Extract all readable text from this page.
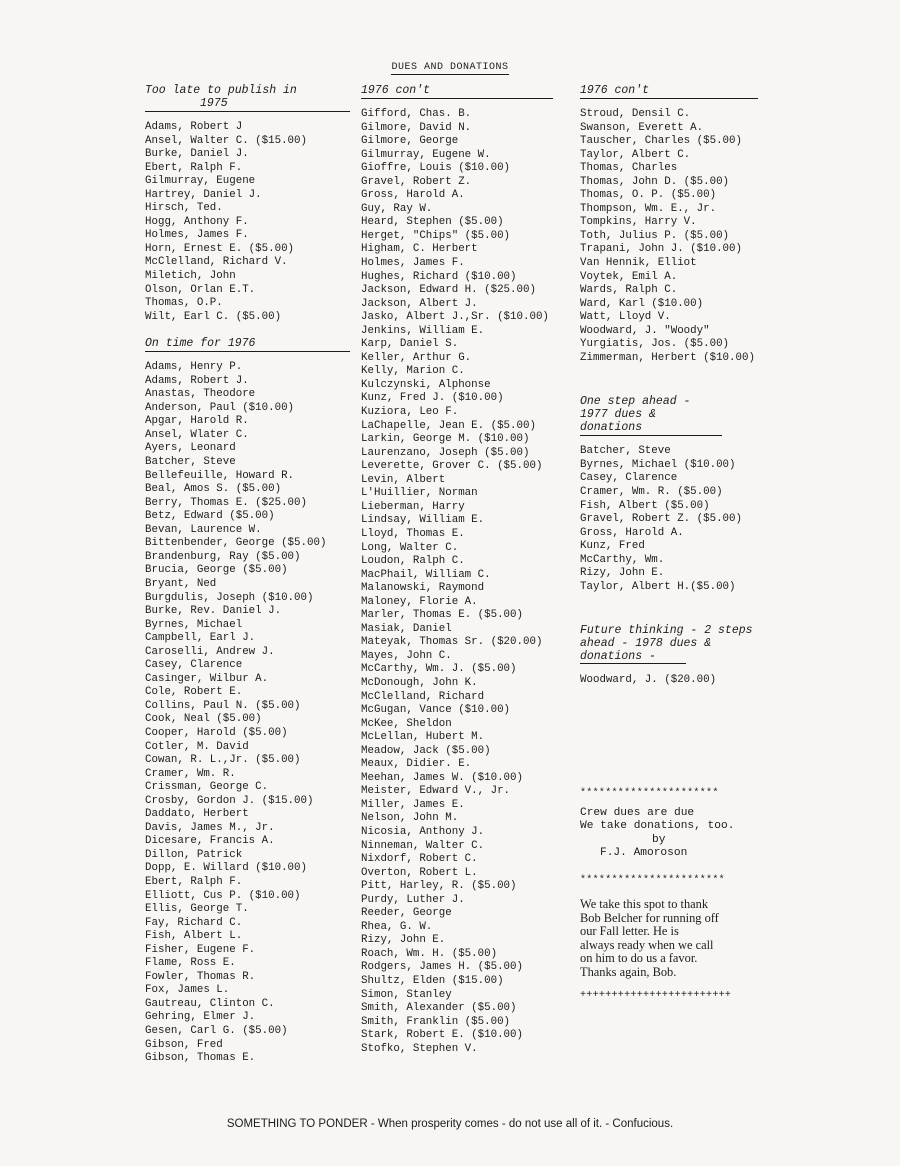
DUES AND DONATIONS
Too late to publish in
1975
Adams, Robert J
Ansel, Walter C. ($15.00)
Burke, Daniel J.
Ebert, Ralph F.
Gilmurray, Eugene
Hartrey, Daniel J.
Hirsch, Ted.
Hogg, Anthony F.
Holmes, James F.
Horn, Ernest E. ($5.00)
McClelland, Richard V.
Miletich, John
Olson, Orlan E.T.
Thomas, O.P.
Wilt, Earl C. ($5.00)
On time for 1976
Adams, Henry P.
Adams, Robert J.
Anastas, Theodore
Anderson, Paul ($10.00)
Apgar, Harold R.
Ansel, Wlater C.
Ayers, Leonard
Batcher, Steve
Bellefeuille, Howard R.
Beal, Amos S. ($5.00)
Berry, Thomas E. ($25.00)
Betz, Edward ($5.00)
Bevan, Laurence W.
Bittenbender, George ($5.00)
Brandenburg, Ray ($5.00)
Brucia, George ($5.00)
Bryant, Ned
Burgdulis, Joseph ($10.00)
Burke, Rev. Daniel J.
Byrnes, Michael
Campbell, Earl J.
Caroselli, Andrew J.
Casey, Clarence
Casinger, Wilbur A.
Cole, Robert E.
Collins, Paul N. ($5.00)
Cook, Neal ($5.00)
Cooper, Harold ($5.00)
Cotler, M. David
Cowan, R. L.,Jr. ($5.00)
Cramer, Wm. R.
Crissman, George C.
Crosby, Gordon J. ($15.00)
Daddato, Herbert
Davis, James M., Jr.
Dicesare, Francis A.
Dillon, Patrick
Dopp, E. Willard ($10.00)
Ebert, Ralph F.
Elliott, Cus P. ($10.00)
Ellis, George T.
Fay, Richard C.
Fish, Albert L.
Fisher, Eugene F.
Flame, Ross E.
Fowler, Thomas R.
Fox, James L.
Gautreau, Clinton C.
Gehring, Elmer J.
Gesen, Carl G. ($5.00)
Gibson, Fred
Gibson, Thomas E.
1976 con't
Gifford, Chas. B.
Gilmore, David N.
Gilmore, George
Gilmurray, Eugene W.
Gioffre, Louis ($10.00)
Gravel, Robert Z.
Gross, Harold A.
Guy, Ray W.
Heard, Stephen ($5.00)
Herget, "Chips" ($5.00)
Higham, C. Herbert
Holmes, James F.
Hughes, Richard ($10.00)
Jackson, Edward H. ($25.00)
Jackson, Albert J.
Jasko, Albert J.,Sr. ($10.00)
Jenkins, William E.
Karp, Daniel S.
Keller, Arthur G.
Kelly, Marion C.
Kulczynski, Alphonse
Kunz, Fred J. ($10.00)
Kuziora, Leo F.
LaChapelle, Jean E. ($5.00)
Larkin, George M. ($10.00)
Laurenzano, Joseph ($5.00)
Leverette, Grover C. ($5.00)
Levin, Albert
L'Huillier, Norman
Lieberman, Harry
Lindsay, William E.
Lloyd, Thomas E.
Long, Walter C.
Loudon, Ralph C.
MacPhail, William C.
Malanowski, Raymond
Maloney, Florie A.
Marler, Thomas E. ($5.00)
Masiak, Daniel
Mateyak, Thomas Sr. ($20.00)
Mayes, John C.
McCarthy, Wm. J. ($5.00)
McDonough, John K.
McClelland, Richard
McGugan, Vance ($10.00)
McKee, Sheldon
McLellan, Hubert M.
Meadow, Jack ($5.00)
Meaux, Didier. E.
Meehan, James W. ($10.00)
Meister, Edward V., Jr.
Miller, James E.
Nelson, John M.
Nicosia, Anthony J.
Ninneman, Walter C.
Nixdorf, Robert C.
Overton, Robert L.
Pitt, Harley, R. ($5.00)
Purdy, Luther J.
Reeder, George
Rhea, G. W.
Rizy, John E.
Roach, Wm. H. ($5.00)
Rodgers, James H. ($5.00)
Shultz, Elden ($15.00)
Simon, Stanley
Smith, Alexander ($5.00)
Smith, Franklin ($5.00)
Stark, Robert E. ($10.00)
Stofko, Stephen V.
1976 con't
Stroud, Densil C.
Swanson, Everett A.
Tauscher, Charles ($5.00)
Taylor, Albert C.
Thomas, Charles
Thomas, John D. ($5.00)
Thomas, O. P. ($5.00)
Thompson, Wm. E., Jr.
Tompkins, Harry V.
Toth, Julius P. ($5.00)
Trapani, John J. ($10.00)
Van Hennik, Elliot
Voytek, Emil A.
Wards, Ralph C.
Ward, Karl ($10.00)
Watt, Lloyd V.
Woodward, J. "Woody"
Yurgiatis, Jos. ($5.00)
Zimmerman, Herbert ($10.00)
One step ahead -
1977 dues & donations
Batcher, Steve
Byrnes, Michael ($10.00)
Casey, Clarence
Cramer, Wm. R. ($5.00)
Fish, Albert ($5.00)
Gravel, Robert Z. ($5.00)
Gross, Harold A.
Kunz, Fred
McCarthy, Wm.
Rizy, John E.
Taylor, Albert H.($5.00)
Future thinking - 2 steps
ahead - 1978 dues &
donations -
Woodward, J. ($20.00)
**********************
Crew dues are due
We take donations, too.
by
F.J. Amoroson
***********************
We take this spot to thank
Bob Belcher for running off
our Fall letter. He is
always ready when we call
on him to do us a favor.
Thanks again, Bob.
++++++++++++++++++++++++
SOMETHING TO PONDER - When prosperity comes - do not use all of it. - Confucious.
